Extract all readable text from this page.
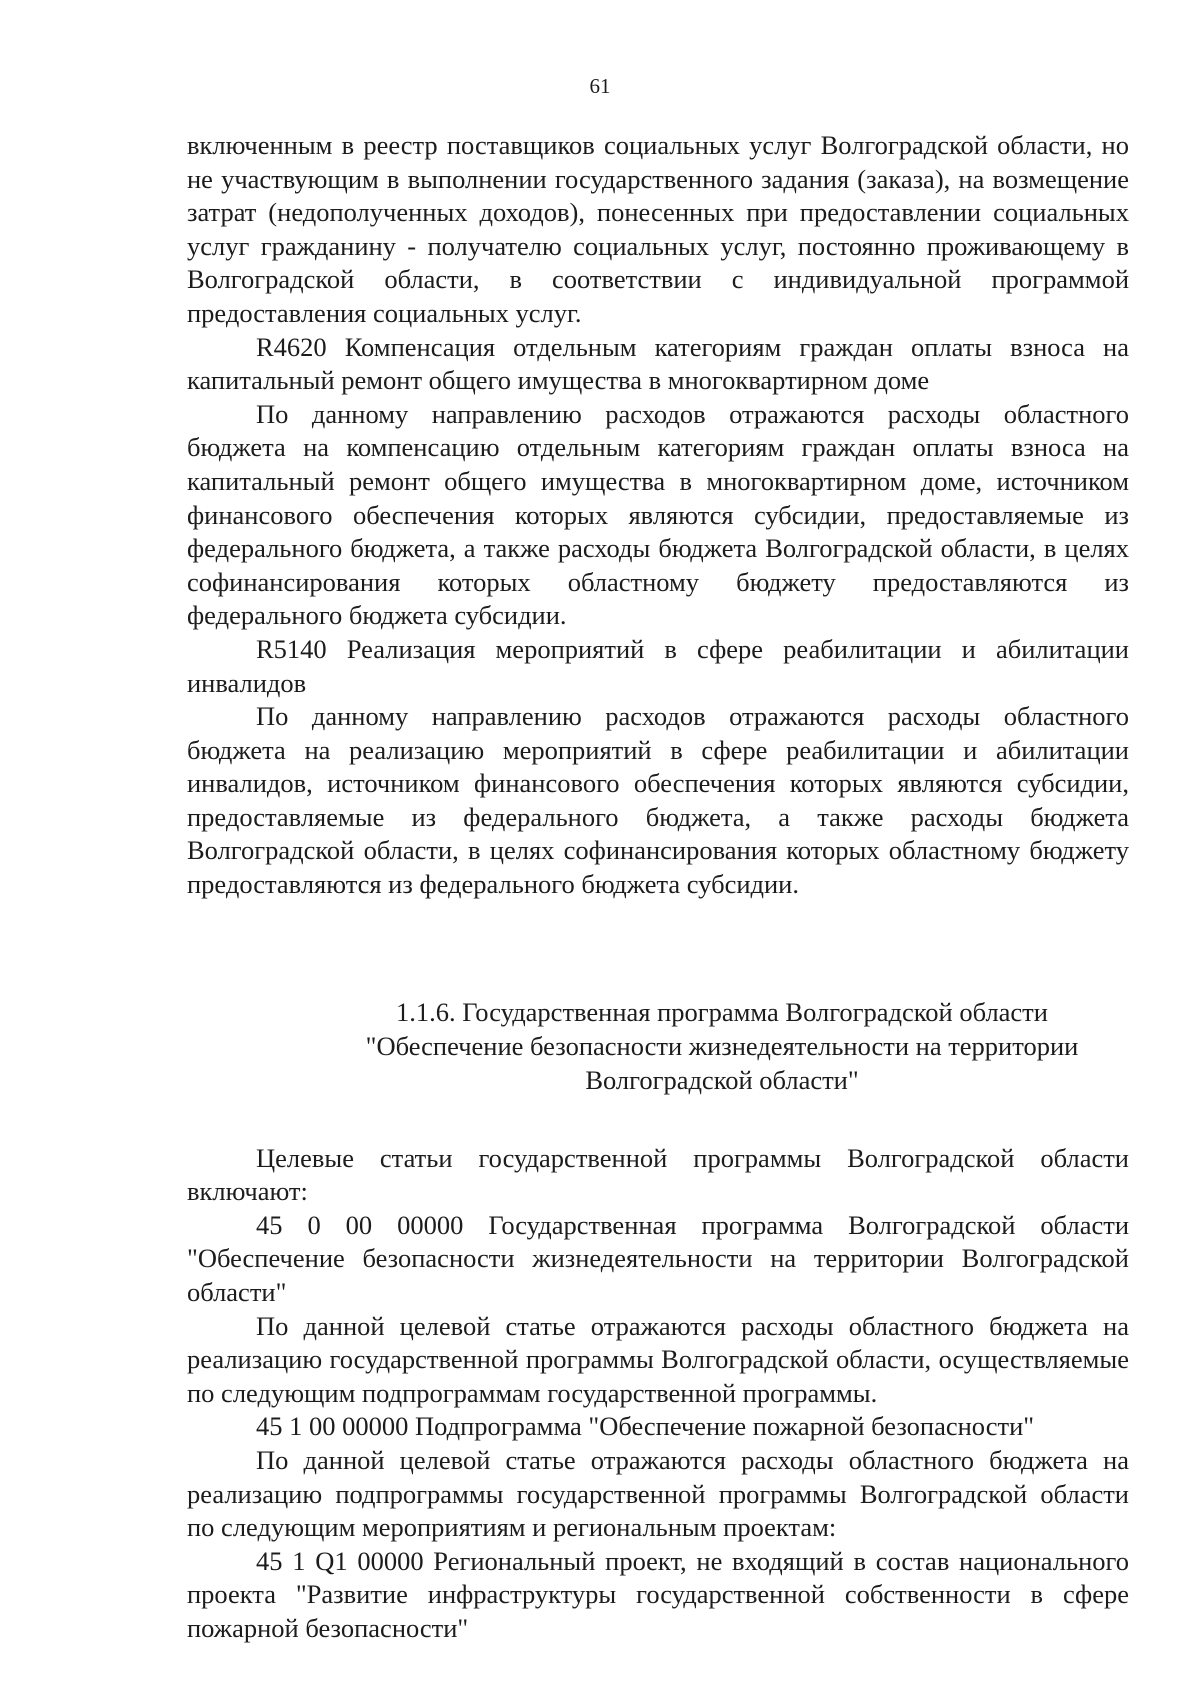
61

включенным в реестр поставщиков социальных услуг Волгоградской области, но не участвующим в выполнении государственного задания (заказа), на возмещение затрат (недополученных доходов), понесенных при предоставлении социальных услуг гражданину - получателю социальных услуг, постоянно проживающему в Волгоградской области, в соответствии с индивидуальной программой предоставления социальных услуг.

R4620 Компенсация отдельным категориям граждан оплаты взноса на капитальный ремонт общего имущества в многоквартирном доме

По данному направлению расходов отражаются расходы областного бюджета на компенсацию отдельным категориям граждан оплаты взноса на капитальный ремонт общего имущества в многоквартирном доме, источником финансового обеспечения которых являются субсидии, предоставляемые из федерального бюджета, а также расходы бюджета Волгоградской области, в целях софинансирования которых областному бюджету предоставляются из федерального бюджета субсидии.

R5140 Реализация мероприятий в сфере реабилитации и абилитации инвалидов

По данному направлению расходов отражаются расходы областного бюджета на реализацию мероприятий в сфере реабилитации и абилитации инвалидов, источником финансового обеспечения которых являются субсидии, предоставляемые из федерального бюджета, а также расходы бюджета Волгоградской области, в целях софинансирования которых областному бюджету предоставляются из федерального бюджета субсидии.

1.1.6. Государственная программа Волгоградской области
"Обеспечение безопасности жизнедеятельности на территории
Волгоградской области"

Целевые статьи государственной программы Волгоградской области включают:

45 0 00 00000 Государственная программа Волгоградской области "Обеспечение безопасности жизнедеятельности на территории Волгоградской области"

По данной целевой статье отражаются расходы областного бюджета на реализацию государственной программы Волгоградской области, осуществляемые по следующим подпрограммам государственной программы.

45 1 00 00000 Подпрограмма "Обеспечение пожарной безопасности"

По данной целевой статье отражаются расходы областного бюджета на реализацию подпрограммы государственной программы Волгоградской области по следующим мероприятиям и региональным проектам:

45 1 Q1 00000 Региональный проект, не входящий в состав национального проекта "Развитие инфраструктуры государственной собственности в сфере пожарной безопасности"
